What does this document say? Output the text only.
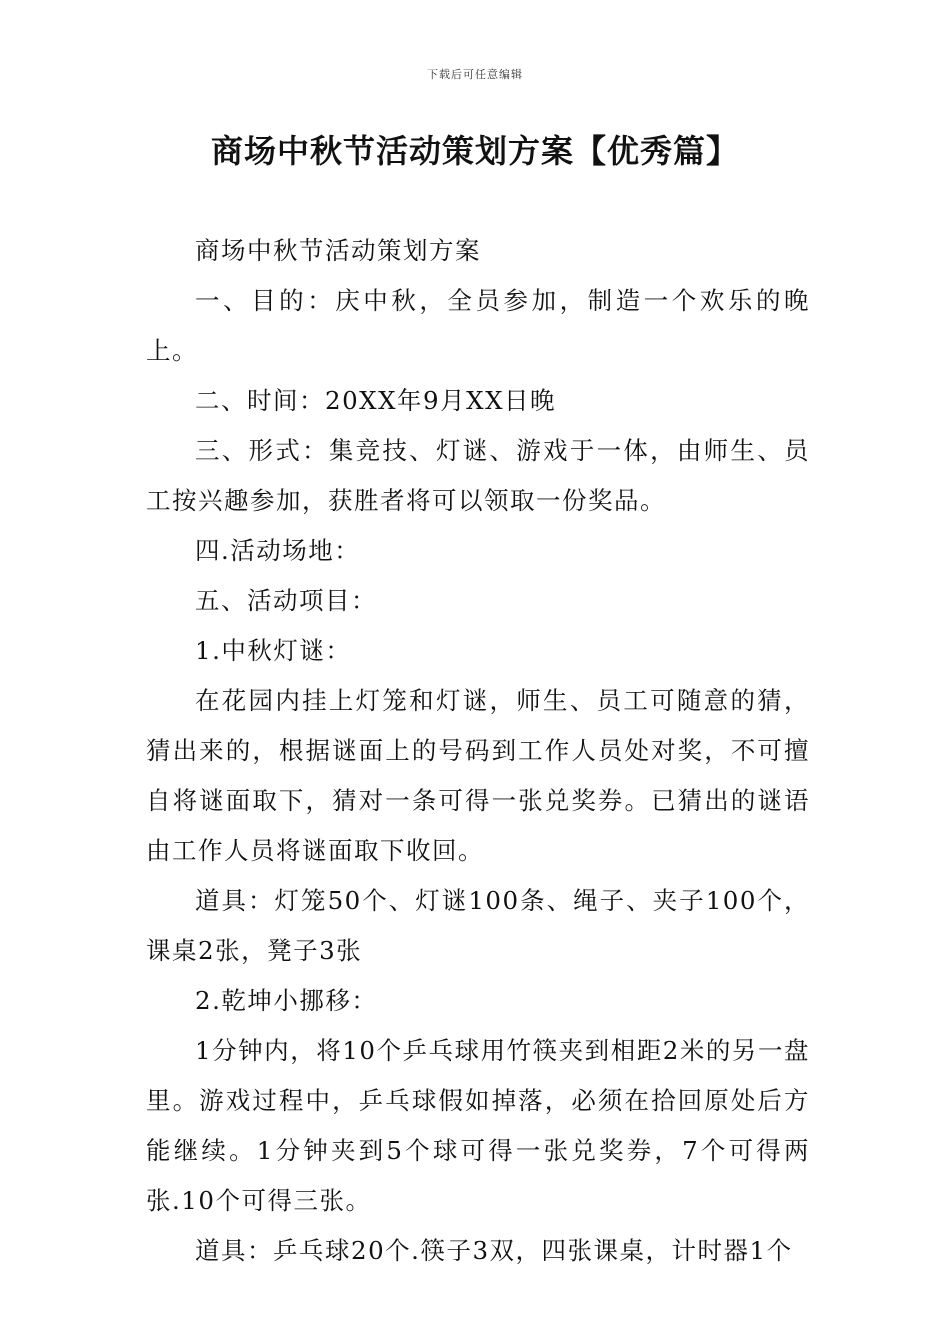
下载后可任意编辑
商场中秋节活动策划方案【优秀篇】

商场中秋节活动策划方案

一、目的：庆中秋，全员参加，制造一个欢乐的晚上。

二、时间：20XX年9月XX日晚

三、形式：集竞技、灯谜、游戏于一体，由师生、员工按兴趣参加，获胜者将可以领取一份奖品。

四.活动场地：

五、活动项目：

1.中秋灯谜：

在花园内挂上灯笼和灯谜，师生、员工可随意的猜，猜出来的，根据谜面上的号码到工作人员处对奖，不可擅自将谜面取下，猜对一条可得一张兑奖券。已猜出的谜语由工作人员将谜面取下收回。

道具：灯笼50个、灯谜100条、绳子、夹子100个，课桌2张，凳子3张

2.乾坤小挪移：

1分钟内，将10个乒乓球用竹筷夹到相距2米的另一盘里。游戏过程中，乒乓球假如掉落，必须在拾回原处后方能继续。1分钟夹到5个球可得一张兑奖券，7个可得两张.10个可得三张。

道具：乒乓球20个.筷子3双，四张课桌，计时器1个
